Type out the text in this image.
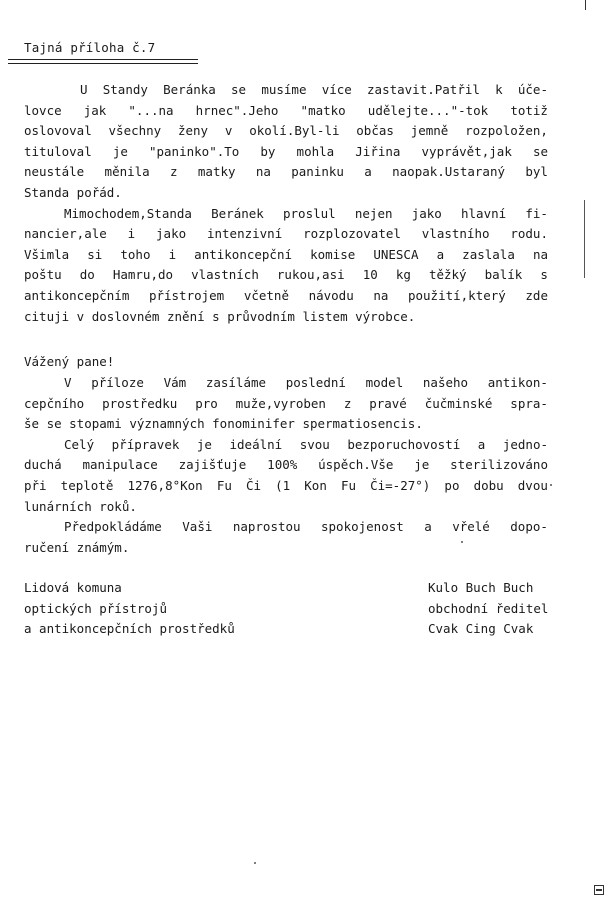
Tajná příloha č.7
U Standy Beránka se musíme více zastavit.Patřil k úče-
lovce jak "...na hrnec".Jeho "matko udělejte..."-tok totiž
oslovoval všechny ženy v okolí.Byl-li občas jemně rozpoložen,
tituloval je "paninko".To by mohla Jiřina vyprávět,jak se
neustále měnila z matky na paninku a naopak.Ustaraný byl
Standa pořád.
Mimochodem,Standa Beránek proslul nejen jako hlavní fi-
nancier,ale i jako intenzivní rozplozovatel vlastního rodu.
Všimla si toho i antikoncepční komise UNESCA a zaslala na
poštu do Hamru,do vlastních rukou,asi 10 kg těžký balík s
antikoncepčním přístrojem včetně návodu na použití,který zde
cituji v doslovném znění s průvodním listem výrobce.
Vážený pane!
V příloze Vám zasíláme poslední model našeho antikon-
cepčního prostředku pro muže,vyroben z pravé čučminské spra-
še se stopami významných fonominifer spermatiosencis.
Celý přípravek je ideální svou bezporuchovostí a jedno-
duchá manipulace zajišťuje 100% úspěch.Vše je sterilizováno
při teplotě 1276,8°Kon Fu Či (1 Kon Fu Či=-27°) po dobu dvou
lunárních roků.
Předpokládáme Vaši naprostou spokojenost a vřelé dopo-
ručení známým.
Lidová komuna
optických přístrojů
a antikoncepčních prostředků
Kulo Buch Buch
obchodní ředitel
Cvak Cing Cvak
